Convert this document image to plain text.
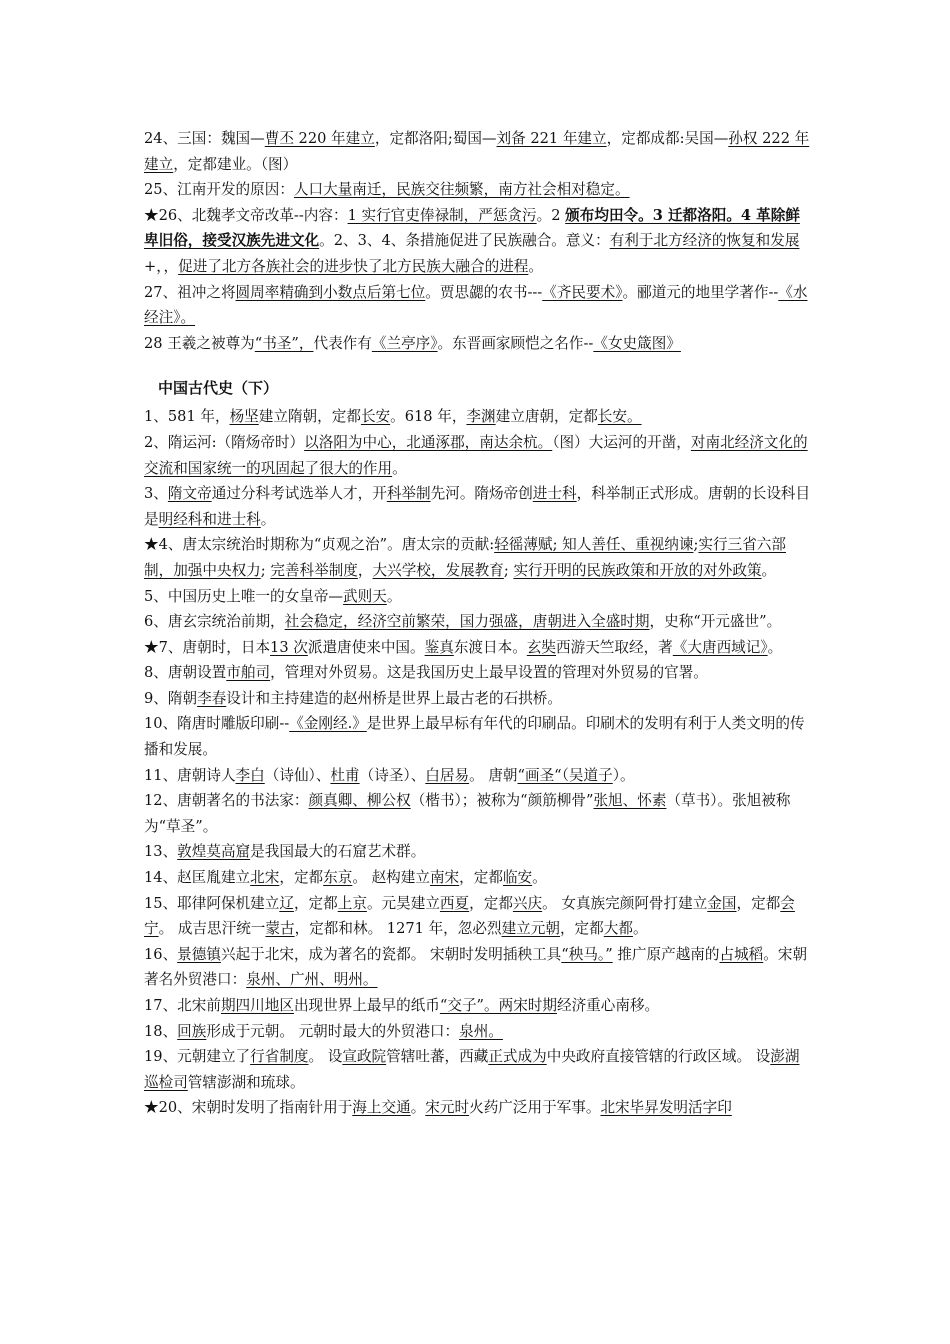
24、三国：魏国—曹丕 220 年建立，定都洛阳;蜀国—刘备 221 年建立，定都成都:吴国—孙权 222 年建立，定都建业。（图）

25、江南开发的原因：人口大量南迁，民族交往频繁，南方社会相对稳定。

★26、北魏孝文帝改革--内容：1 实行官吏俸禄制，严惩贪污。2 颁布均田令。3 迁都洛阳。4 革除鲜卑旧俗，接受汉族先进文化。2、3、4、条措施促进了民族融合。意义：有利于北方经济的恢复和发展+，，促进了北方各族社会的进步快了北方民族大融合的进程。

27、祖冲之将圆周率精确到小数点后第七位。贾思勰的农书---《齐民要术》。郦道元的地里学著作--《水经注》。

28 王羲之被尊为“书圣”，代表作有《兰亭序》。东晋画家顾恺之名作--《女史箴图》

中国古代史（下）

1、581 年，杨坚建立隋朝，定都长安。618 年，李渊建立唐朝，定都长安。

2、隋运河:（隋炀帝时）以洛阳为中心，北通涿郡，南达余杭。（图）大运河的开凿，对南北经济文化的交流和国家统一的巩固起了很大的作用。

3、隋文帝通过分科考试选举人才，开科举制先河。隋炀帝创进士科，科举制正式形成。唐朝的长设科目是明经科和进士科。

★4、唐太宗统治时期称为“贞观之治”。唐太宗的贡献:轻徭薄赋; 知人善任、重视纳谏;实行三省六部制，加强中央权力; 完善科举制度，大兴学校，发展教育; 实行开明的民族政策和开放的对外政策。

5、中国历史上唯一的女皇帝—武则天。

6、唐玄宗统治前期，社会稳定，经济空前繁荣，国力强盛，唐朝进入全盛时期，史称“开元盛世”。

★7、唐朝时，日本13 次派遣唐使来中国。鉴真东渡日本。玄奘西游天竺取经，著《大唐西域记》。

8、唐朝设置市舶司，管理对外贸易。这是我国历史上最早设置的管理对外贸易的官署。

9、隋朝李春设计和主持建造的赵州桥是世界上最古老的石拱桥。

10、隋唐时雕版印刷--《金刚经.》是世界上最早标有年代的印刷品。印刷术的发明有利于人类文明的传播和发展。

11、唐朝诗人李白（诗仙）、杜甫（诗圣）、白居易。 唐朝“画圣“（吴道子）。

12、唐朝著名的书法家：颜真卿、柳公权（楷书）；被称为“颜筋柳骨”张旭、怀素（草书）。张旭被称为“草圣”。

13、敦煌莫高窟是我国最大的石窟艺术群。

14、赵匡胤建立北宋，定都东京。 赵构建立南宋，定都临安。

15、耶律阿保机建立辽，定都上京。元昊建立西夏，定都兴庆。 女真族完颜阿骨打建立金国，定都会宁。 成吉思汗统一蒙古，定都和林。 1271 年，忽必烈建立元朝，定都大都。

16、景德镇兴起于北宋，成为著名的瓷都。 宋朝时发明插秧工具“秧马。” 推广原产越南的占城稻。宋朝著名外贸港口：泉州、广州、明州。

17、北宋前期四川地区出现世界上最早的纸币“交子”。两宋时期经济重心南移。

18、回族形成于元朝。 元朝时最大的外贸港口：泉州。

19、元朝建立了行省制度。 设宣政院管辖吐蕃，西藏正式成为中央政府直接管辖的行政区域。 设澎湖巡检司管辖澎湖和琉球。

★20、宋朝时发明了指南针用于海上交通。宋元时火药广泛用于军事。北宋毕昇发明活字印
